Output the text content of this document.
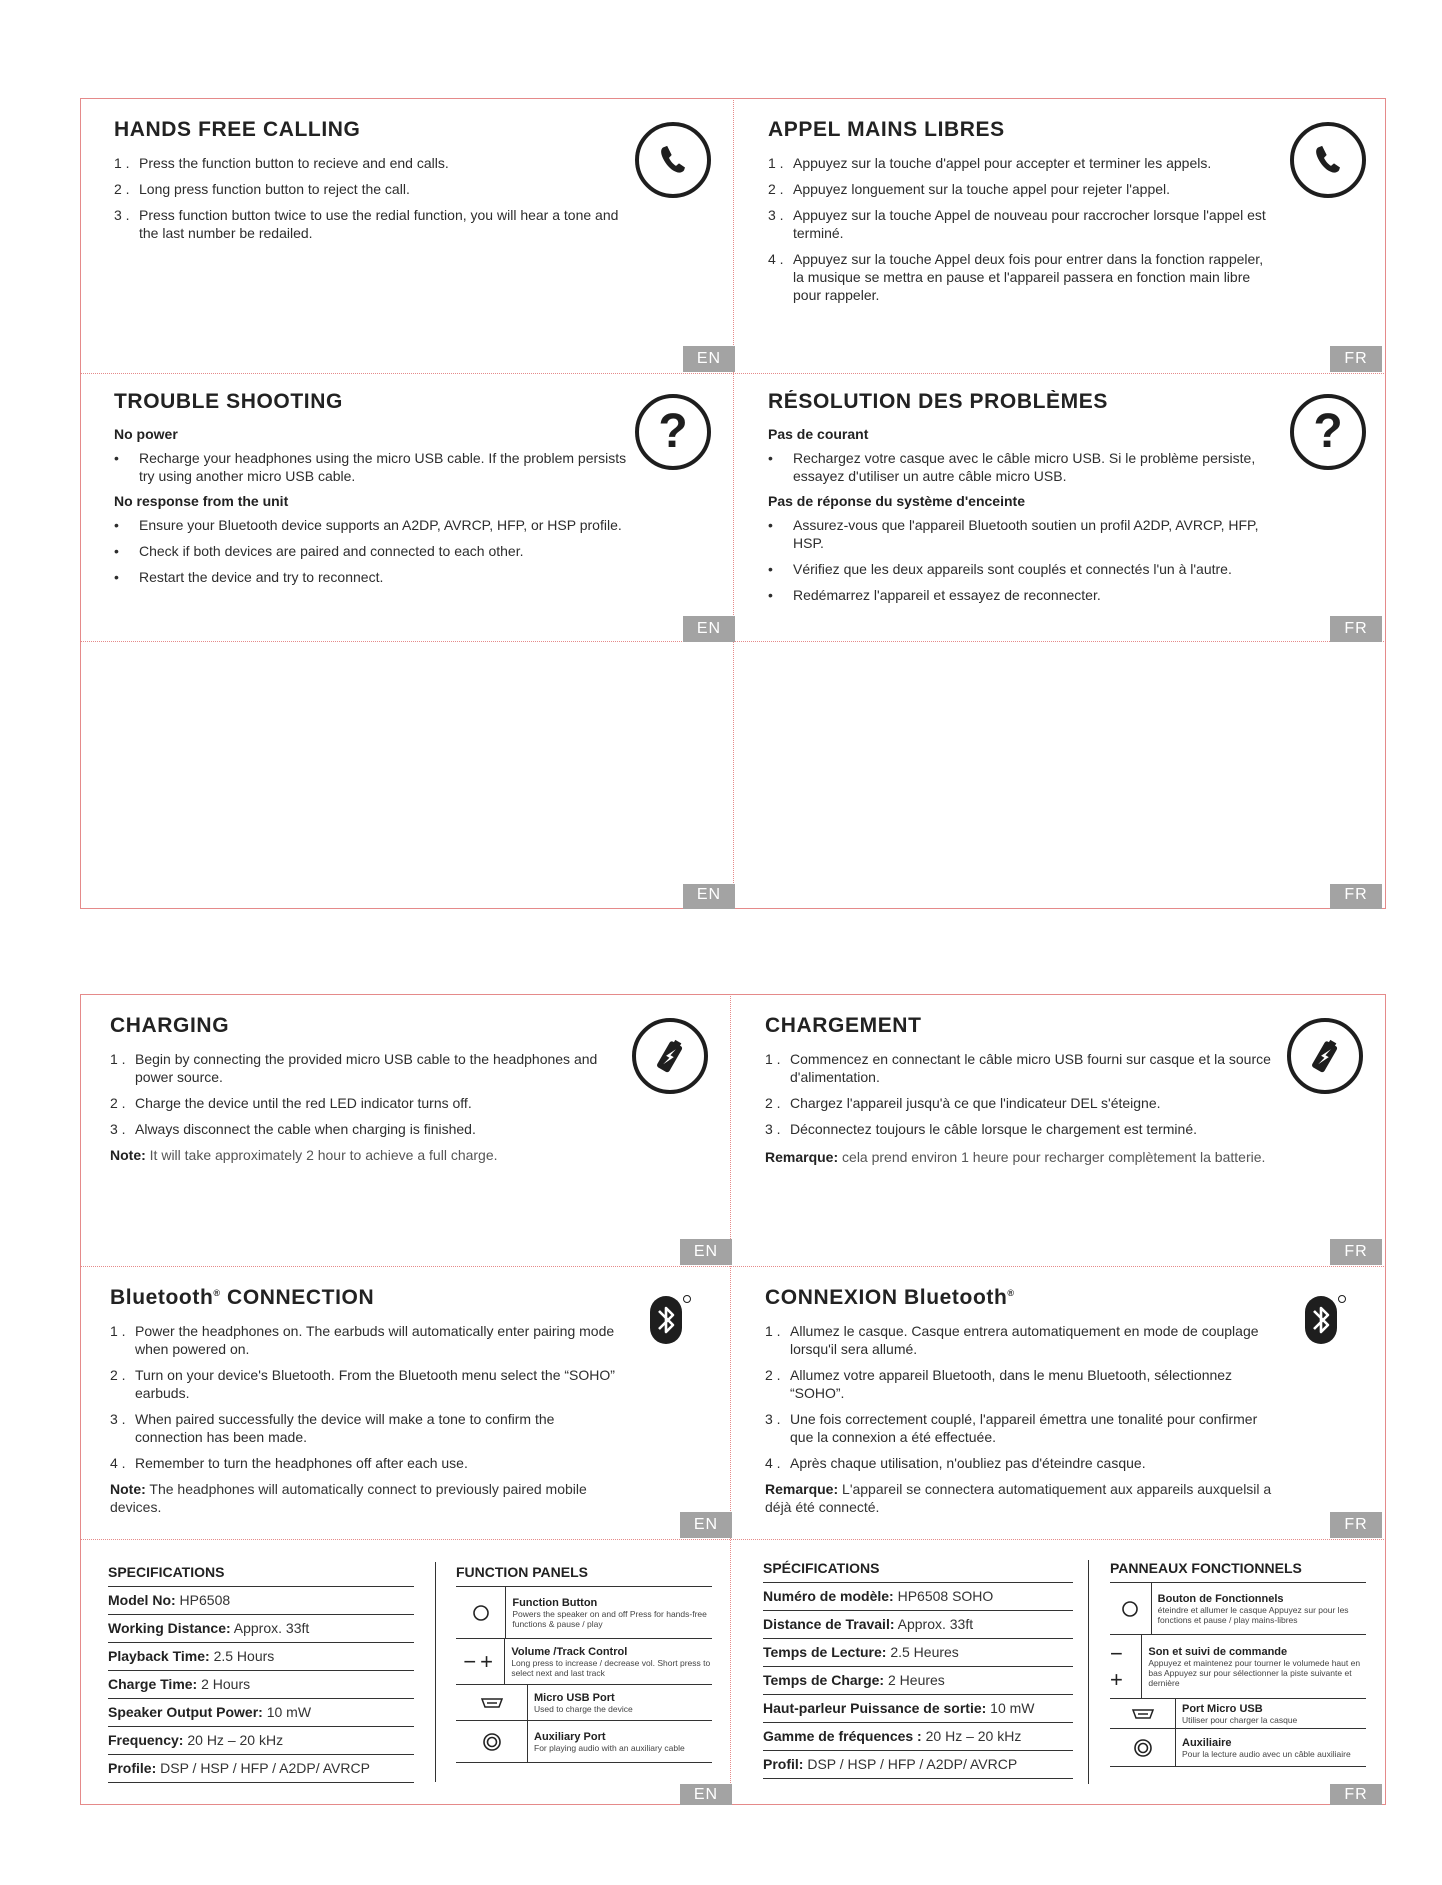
HANDS FREE CALLING
1 . Press the function button to recieve and end calls.
2 . Long press function button to reject the call.
3 . Press function button twice to use the redial function, you will hear a tone and the last number be redailed.
EN
APPEL MAINS LIBRES
1 . Appuyez sur la touche d'appel pour accepter et terminer les appels.
2 . Appuyez longuement sur la touche appel pour rejeter l'appel.
3 . Appuyez sur la touche Appel de nouveau pour raccrocher lorsque l'appel est terminé.
4 . Appuyez sur la touche Appel deux fois pour entrer dans la fonction rappeler, la musique se mettra en pause et l'appareil passera en fonction main libre pour rappeler.
FR
TROUBLE SHOOTING
No power
• Recharge your headphones using the micro USB cable. If the problem persists try using another micro USB cable.
No response from the unit
• Ensure your Bluetooth device supports an A2DP, AVRCP, HFP, or HSP profile.
• Check if both devices are paired and connected to each other.
• Restart the device and try to reconnect.
?
EN
RÉSOLUTION DES PROBLÈMES
Pas de courant
• Rechargez votre casque avec le câble micro USB. Si le problème persiste, essayez d'utiliser un autre câble micro USB.
Pas de réponse du système d'enceinte
• Assurez-vous que l'appareil Bluetooth soutien un profil A2DP, AVRCP, HFP, HSP.
• Vérifiez que les deux appareils sont couplés et connectés l'un à l'autre.
• Redémarrez l'appareil et essayez de reconnecter.
?
FR
EN	FR
CHARGING
1 . Begin by connecting the provided micro USB cable to the headphones and power source.
2 . Charge the device until the red LED indicator turns off.
3 . Always disconnect the cable when charging is finished.
Note: It will take approximately 2 hour to achieve a full charge.
EN
CHARGEMENT
1 . Commencez en connectant le câble micro USB fourni sur casque et la source d'alimentation.
2 . Chargez l'appareil jusqu'à ce que l'indicateur DEL s'éteigne.
3 . Déconnectez toujours le câble lorsque le chargement est terminé.
Remarque: cela prend environ 1 heure pour recharger complètement la batterie.
FR
Bluetooth® CONNECTION
1 . Power the headphones on. The earbuds will automatically enter pairing mode when powered on.
2 . Turn on your device's Bluetooth. From the Bluetooth menu select the “SOHO” earbuds.
3 . When paired successfully the device will make a tone to confirm the connection has been made.
4 . Remember to turn the headphones off after each use.
Note: The headphones will automatically connect to previously paired mobile devices.
EN
CONNEXION Bluetooth®
1 . Allumez le casque. Casque entrera automatiquement en mode de couplage lorsqu'il sera allumé.
2 . Allumez votre appareil Bluetooth, dans le menu Bluetooth, sélectionnez “SOHO”.
3 . Une fois correctement couplé, l'appareil émettra une tonalité pour confirmer que la connexion a été effectuée.
4 . Après chaque utilisation, n'oubliez pas d'éteindre casque.
Remarque: L'appareil se connectera automatiquement aux appareils auxquelsil a déjà été connecté.
FR
SPECIFICATIONS
Model No: HP6508
Working Distance: Approx. 33ft
Playback Time: 2.5 Hours
Charge Time: 2 Hours
Speaker Output Power: 10 mW
Frequency: 20 Hz – 20 kHz
Profile: DSP / HSP / HFP / A2DP/ AVRCP
FUNCTION PANELS
Function Button
Powers the speaker on and off Press for hands-free functions & pause / play
−+ Volume /Track Control
Long press to increase / decrease vol. Short press to select next and last track
Micro USB Port
Used to charge the device
Auxiliary Port
For playing audio with an auxiliary cable
EN
SPÉCIFICATIONS
Numéro de modèle: HP6508 SOHO
Distance de Travail: Approx. 33ft
Temps de Lecture: 2.5 Heures
Temps de Charge: 2 Heures
Haut-parleur Puissance de sortie: 10 mW
Gamme de fréquences : 20 Hz – 20 kHz
Profil: DSP / HSP / HFP / A2DP/ AVRCP
PANNEAUX FONCTIONNELS
Bouton de Fonctionnels
éteindre et allumer le casque Appuyez sur pour les fonctions et pause / play mains-libres
−+
Son et suivi de commande
Appuyez et maintenez pour tourner le volumede haut en bas Appuyez sur pour sélectionner la piste suivante et dernière
Port Micro USB
Utiliser pour charger la casque
Auxiliaire
Pour la lecture audio avec un câble auxiliaire
FR
